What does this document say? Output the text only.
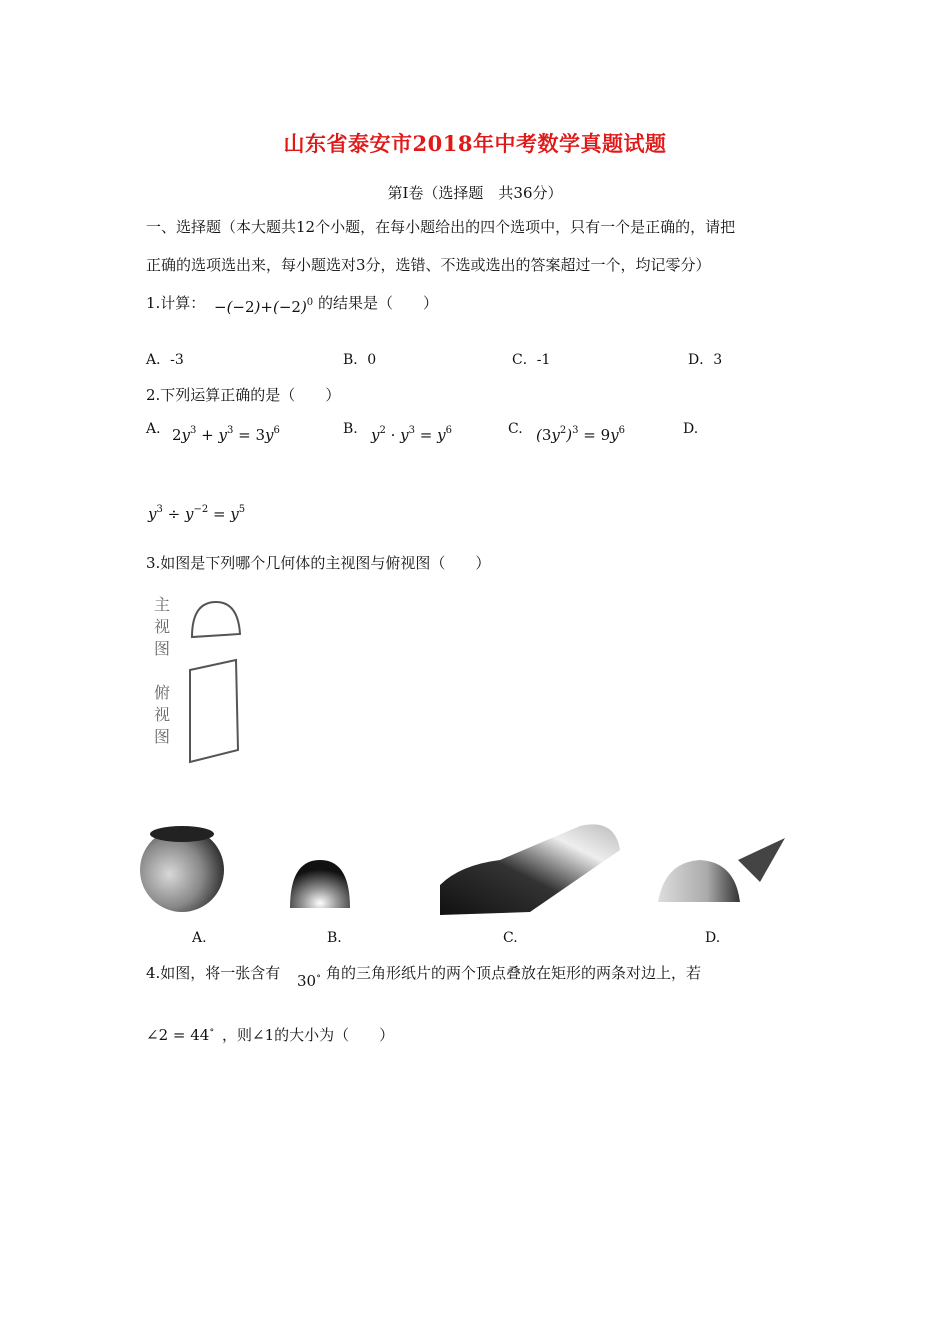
山东省泰安市2018年中考数学真题试题
第Ⅰ卷（选择题　共36分）
一、选择题（本大题共12个小题，在每小题给出的四个选项中，只有一个是正确的，请把
正确的选项选出来，每小题选对3分，选错、不选或选出的答案超过一个，均记零分）
1.计算： $-(-2)+(-2)^0$ 的结果是（　　）
A．-3	B．0	C．-1	D．3
2.下列运算正确的是（　　）
A. $2y^3 + y^3 = 3y^6$	B. $y^2 \cdot y^3 = y^6$	C. $(3y^2)^3 = 9y^6$	D.
$y^3 \div y^{-2} = y^5$
3.如图是下列哪个几何体的主视图与俯视图（　　）
主视图
俯视图
A.	B.	C.	D.
4.如图，将一张含有 30∘ 角的三角形纸片的两个顶点叠放在矩形的两条对边上，若
∠2 = 44∘ ，则∠1的大小为（　　）
